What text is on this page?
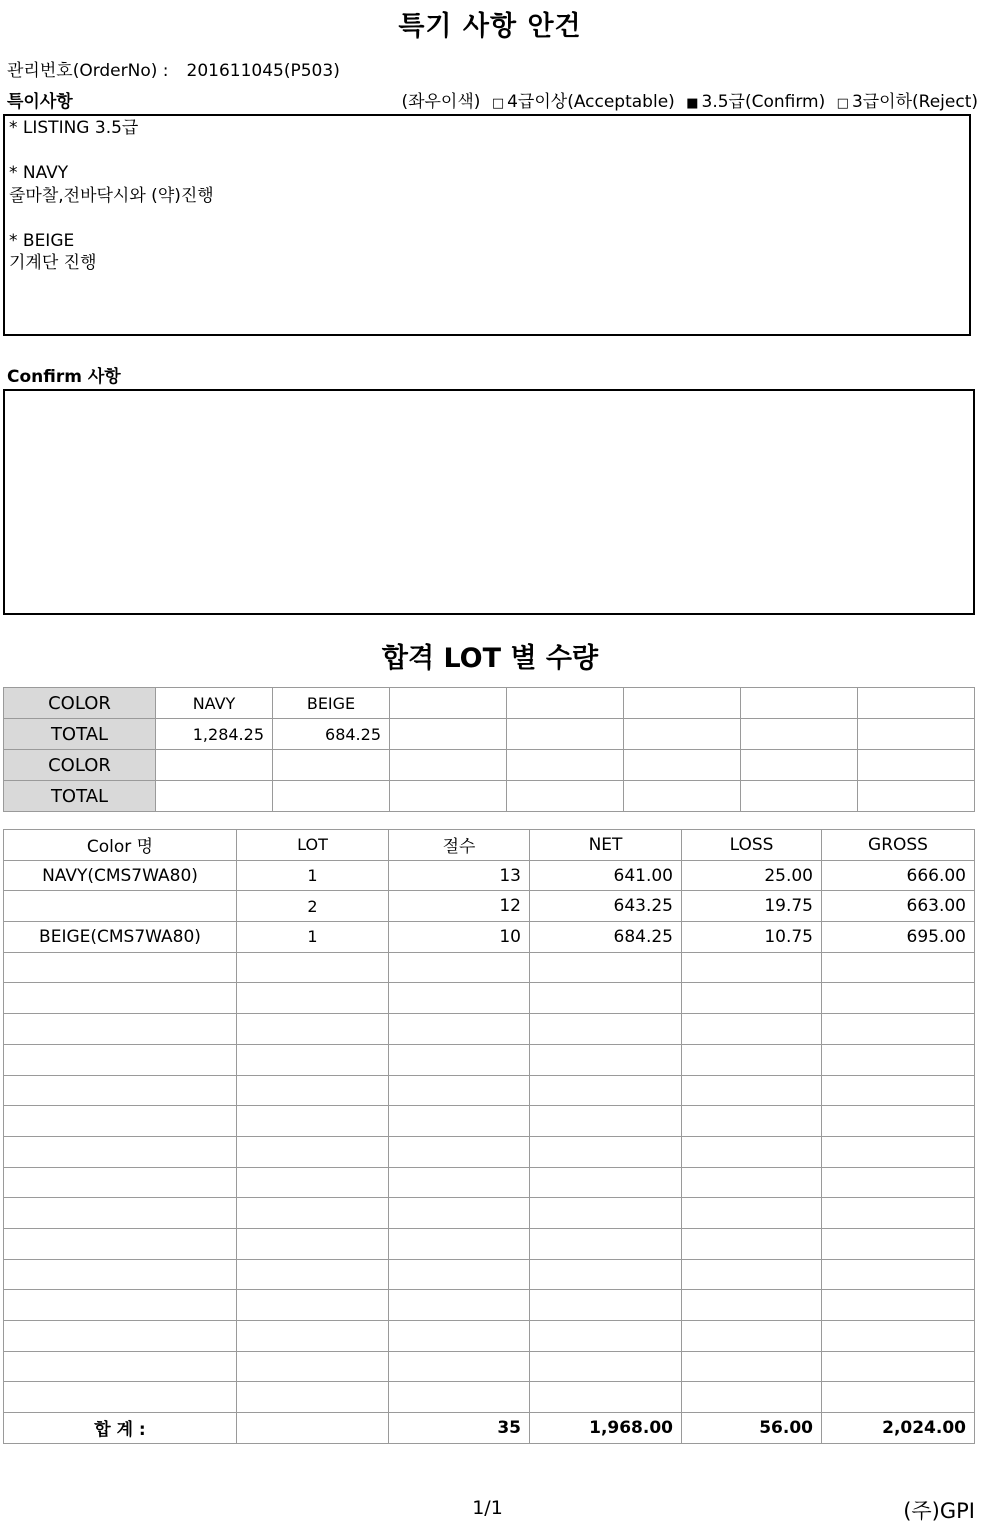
특기 사항 안건
관리번호(OrderNo) : 201611045(P503)
특이사항	(좌우이색) □ 4급이상(Acceptable) ■ 3.5급(Confirm) □ 3급이하(Reject)
* LISTING 3.5급
* NAVY
줄마찰,전바닥시와 (약)진행
* BEIGE
기계단 진행
Confirm 사항
합격 LOT 별 수량
COLOR	NAVY	BEIGE					
TOTAL	1,284.25	684.25					
COLOR							
TOTAL							
Color 명	LOT	절수	NET	LOSS	GROSS
NAVY(CMS7WA80)	1	13	641.00	25.00	666.00
	2	12	643.25	19.75	663.00
BEIGE(CMS7WA80)	1	10	684.25	10.75	695.00

합 계 :		35	1,968.00	56.00	2,024.00
1/1	(주)GPI
